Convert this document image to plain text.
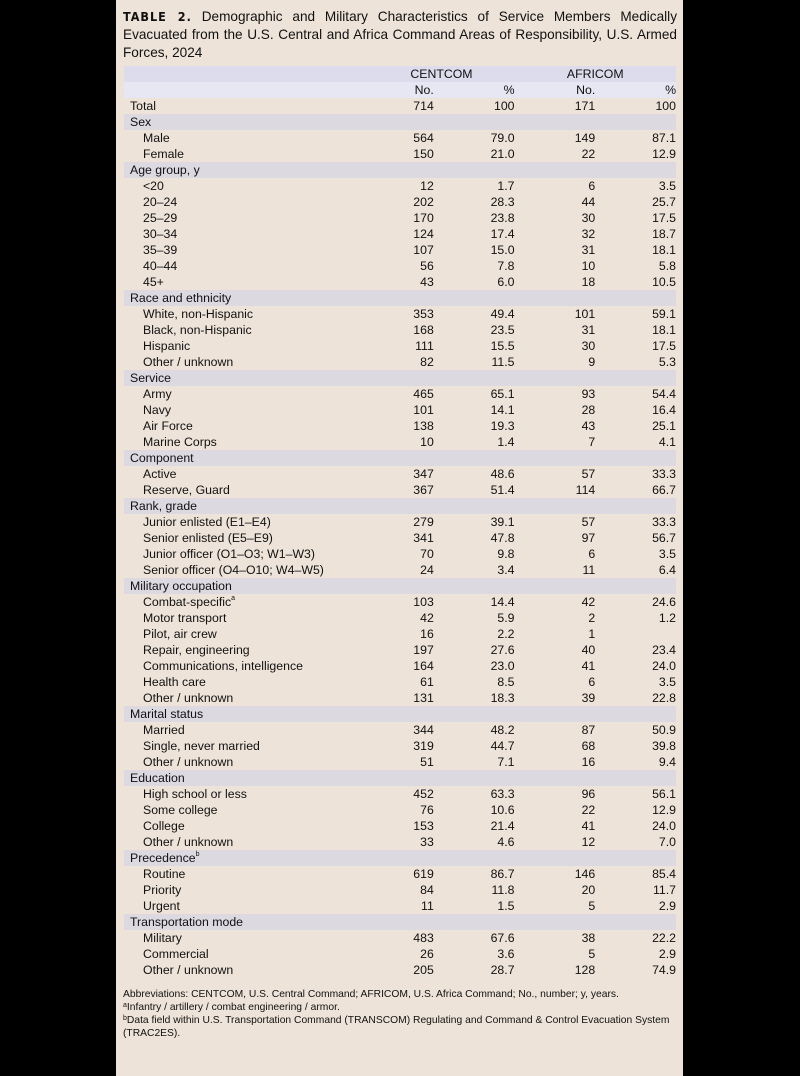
TABLE 2. Demographic and Military Characteristics of Service Members Medically Evacuated from the U.S. Central and Africa Command Areas of Responsibility, U.S. Armed Forces, 2024
	CENTCOM		AFRICOM	
	No.	%	No.	%
Total	714	100	171	100
Sex				
Male	564	79.0	149	87.1
Female	150	21.0	22	12.9
Age group, y				
<20	12	1.7	6	3.5
20–24	202	28.3	44	25.7
25–29	170	23.8	30	17.5
30–34	124	17.4	32	18.7
35–39	107	15.0	31	18.1
40–44	56	7.8	10	5.8
45+	43	6.0	18	10.5
Race and ethnicity				
White, non-Hispanic	353	49.4	101	59.1
Black, non-Hispanic	168	23.5	31	18.1
Hispanic	111	15.5	30	17.5
Other / unknown	82	11.5	9	5.3
Service				
Army	465	65.1	93	54.4
Navy	101	14.1	28	16.4
Air Force	138	19.3	43	25.1
Marine Corps	10	1.4	7	4.1
Component				
Active	347	48.6	57	33.3
Reserve, Guard	367	51.4	114	66.7
Rank, grade				
Junior enlisted (E1–E4)	279	39.1	57	33.3
Senior enlisted (E5–E9)	341	47.8	97	56.7
Junior officer (O1–O3; W1–W3)	70	9.8	6	3.5
Senior officer (O4–O10; W4–W5)	24	3.4	11	6.4
Military occupation				
Combat-specific$^a$	103	14.4	42	24.6
Motor transport	42	5.9	2	1.2
Pilot, air crew	16	2.2	1	
Repair, engineering	197	27.6	40	23.4
Communications, intelligence	164	23.0	41	24.0
Health care	61	8.5	6	3.5
Other / unknown	131	18.3	39	22.8
Marital status				
Married	344	48.2	87	50.9
Single, never married	319	44.7	68	39.8
Other / unknown	51	7.1	16	9.4
Education				
High school or less	452	63.3	96	56.1
Some college	76	10.6	22	12.9
College	153	21.4	41	24.0
Other / unknown	33	4.6	12	7.0
Precedence$^b$
Routine	619	86.7	146	85.4
Priority	84	11.8	20	11.7
Urgent	11	1.5	5	2.9
Transportation mode				
Military	483	67.6	38	22.2
Commercial	26	3.6	5	2.9
Other / unknown	205	28.7	128	74.9
Abbreviations: CENTCOM, U.S. Central Command; AFRICOM, U.S. Africa Command; No., number; y, years.
$^a$Infantry / artillery / combat engineering / armor.
$^b$Data field within U.S. Transportation Command (TRANSCOM) Regulating and Command & Control Evacuation System (TRAC2ES).
